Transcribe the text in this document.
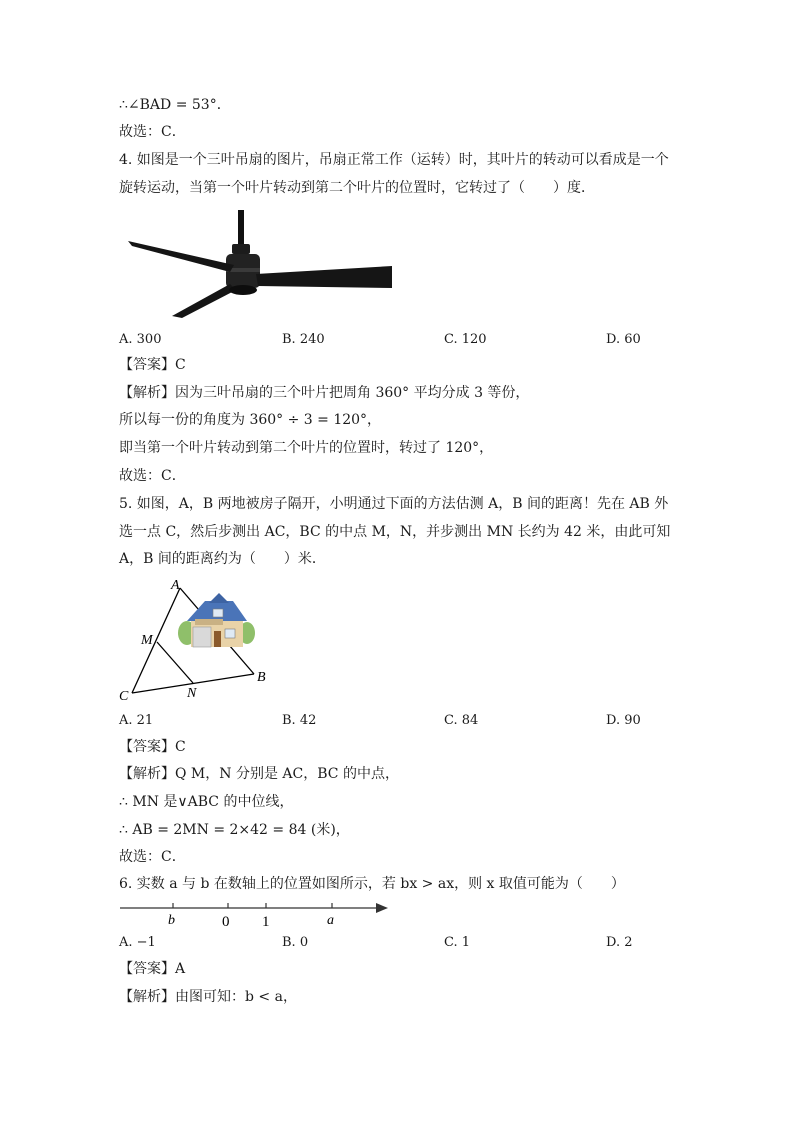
∴∠BAD = 53°．
故选：C．
4. 如图是一个三叶吊扇的图片，吊扇正常工作（运转）时，其叶片的转动可以看成是一个
旋转运动，当第一个叶片转动到第二个叶片的位置时，它转过了（　　）度．
A. 300	B. 240	C. 120	D. 60
【答案】C
【解析】因为三叶吊扇的三个叶片把周角 360° 平均分成 3 等份，
所以每一份的角度为 360° ÷ 3 = 120°，
即当第一个叶片转动到第二个叶片的位置时，转过了 120°，
故选：C．
5. 如图，A，B 两地被房子隔开，小明通过下面的方法估测 A，B 间的距离！先在 AB 外
选一点 C，然后步测出 AC，BC 的中点 M，N，并步测出 MN 长约为 42 米，由此可知
A，B 间的距离约为（　　）米．
A
M
C	N
B
A. 21	B. 42	C. 84	D. 90
【答案】C
【解析】Q M，N 分别是 AC，BC 的中点，
∴ MN 是∨ABC 的中位线，
∴ AB = 2MN = 2×42 = 84 (米)，
故选：C．
6. 实数 a 与 b 在数轴上的位置如图所示，若 bx > ax，则 x 取值可能为（　　）
b	0 1	a
A. −1	B. 0	C. 1	D. 2
【答案】A
【解析】由图可知：b < a，
